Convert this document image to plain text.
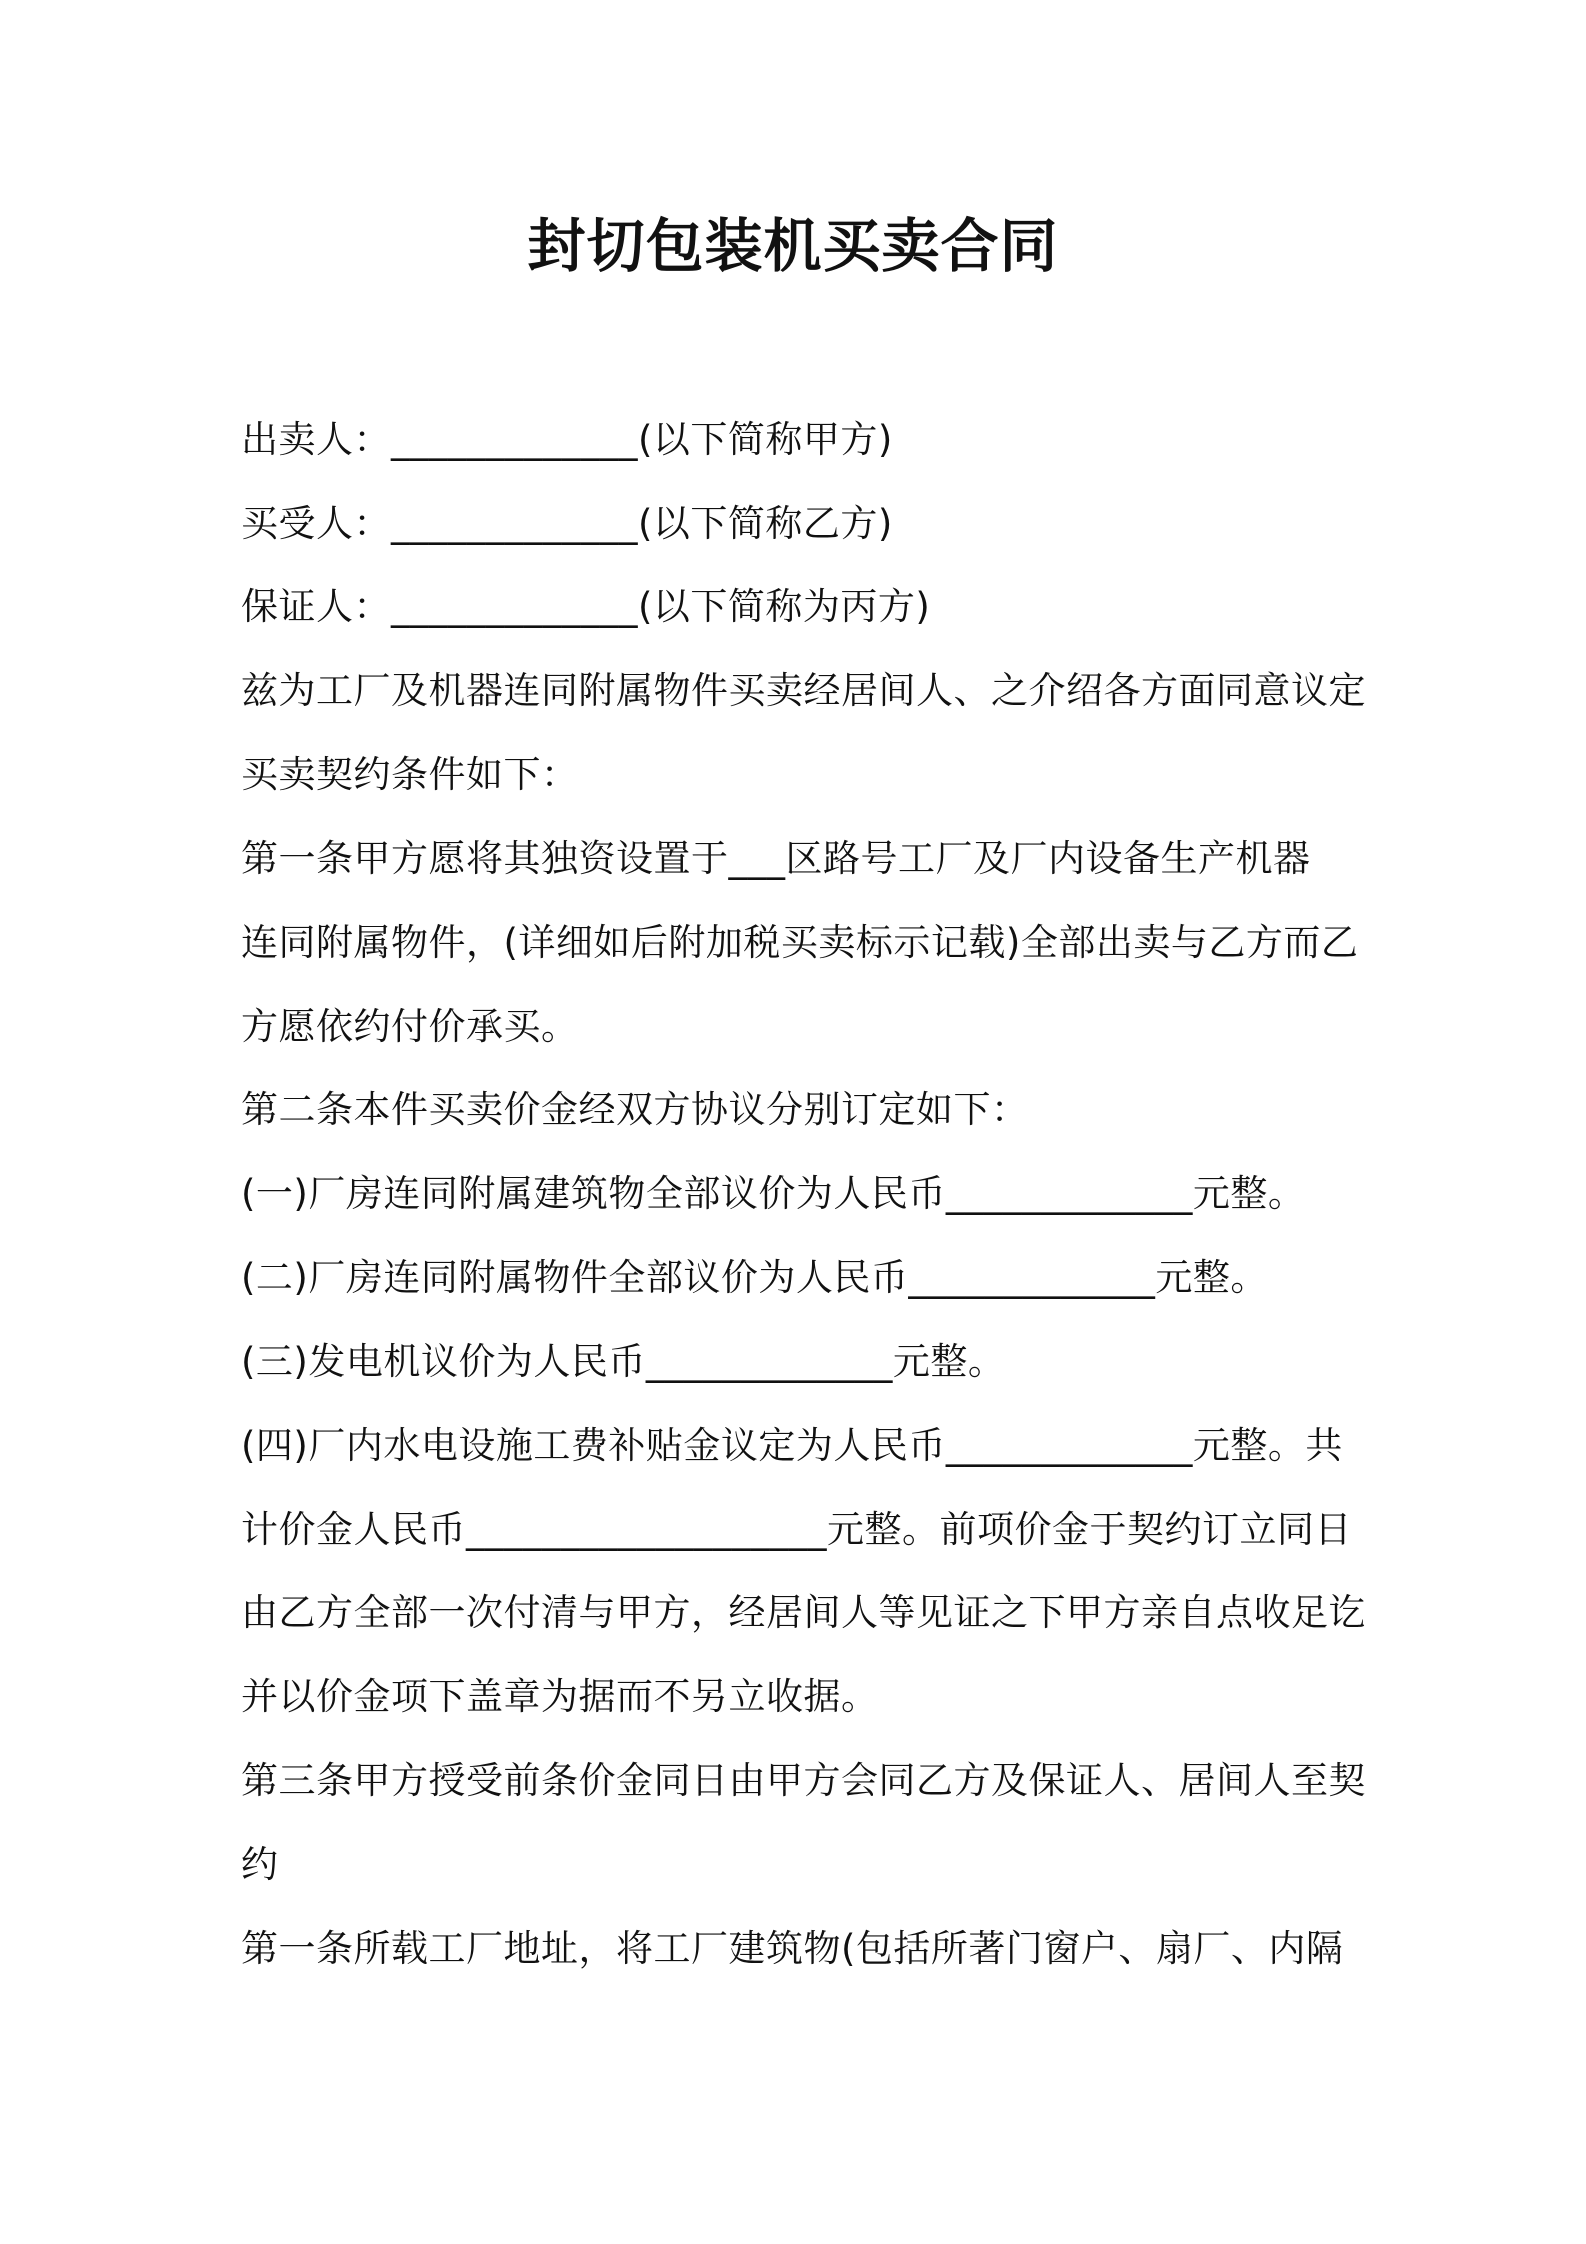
封切包装机买卖合同
出卖人：_____________(以下简称甲方)
买受人：_____________(以下简称乙方)
保证人：_____________(以下简称为丙方)
兹为工厂及机器连同附属物件买卖经居间人、之介绍各方面同意议定
买卖契约条件如下：
第一条甲方愿将其独资设置于___区路号工厂及厂内设备生产机器
连同附属物件，(详细如后附加税买卖标示记载)全部出卖与乙方而乙
方愿依约付价承买。
第二条本件买卖价金经双方协议分别订定如下：
(一)厂房连同附属建筑物全部议价为人民币_____________元整。
(二)厂房连同附属物件全部议价为人民币_____________元整。
(三)发电机议价为人民币_____________元整。
(四)厂内水电设施工费补贴金议定为人民币_____________元整。共
计价金人民币___________________元整。前项价金于契约订立同日
由乙方全部一次付清与甲方，经居间人等见证之下甲方亲自点收足讫
并以价金项下盖章为据而不另立收据。
第三条甲方授受前条价金同日由甲方会同乙方及保证人、居间人至契
约
第一条所载工厂地址，将工厂建筑物(包括所著门窗户、扇厂、内隔
